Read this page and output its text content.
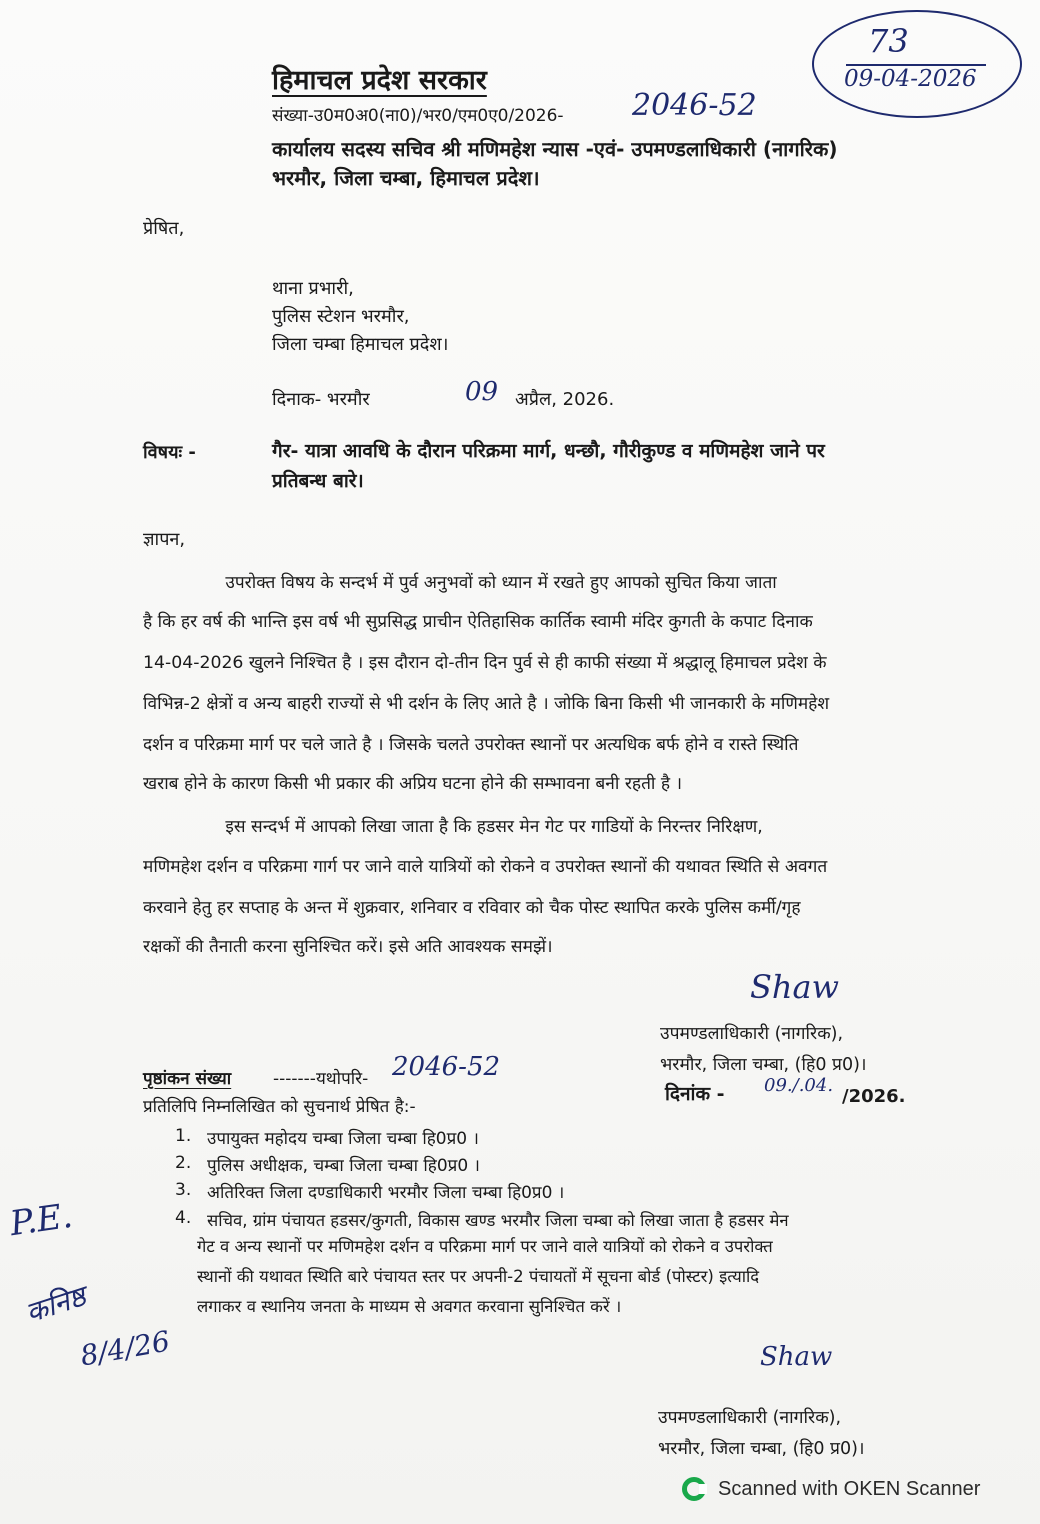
हिमाचल प्रदेश सरकार
संख्या-उ0म0अ0(ना0)/भर0/एम0ए0/2026- 2046-52
कार्यालय सदस्य सचिव श्री मणिमहेश न्यास -एवं- उपमण्डलाधिकारी (नागरिक)
भरमौर, जिला चम्बा, हिमाचल प्रदेश।
73
09-04-2026
प्रेषित,
थाना प्रभारी,
पुलिस स्टेशन भरमौर,
जिला चम्बा हिमाचल प्रदेश।
दिनाक- भरमौर	09 अप्रैल, 2026.
विषयः -	गैर- यात्रा आवधि के दौरान परिक्रमा मार्ग, धन्छौ, गौरीकुण्ड व मणिमहेश जाने पर
प्रतिबन्ध बारे।
ज्ञापन,
उपरोक्त विषय के सन्दर्भ में पुर्व अनुभवों को ध्यान में रखते हुए आपको सुचित किया जाता
है कि हर वर्ष की भान्ति इस वर्ष भी सुप्रसिद्ध प्राचीन ऐतिहासिक कार्तिक स्वामी मंदिर कुगती के कपाट दिनाक
14-04-2026 खुलने निश्चित है । इस दौरान दो-तीन दिन पुर्व से ही काफी संख्या में श्रद्धालू हिमाचल प्रदेश के
विभिन्न-2 क्षेत्रों व अन्य बाहरी राज्यों से भी दर्शन के लिए आते है । जोकि बिना किसी भी जानकारी के मणिमहेश
दर्शन व परिक्रमा मार्ग पर चले जाते है । जिसके चलते उपरोक्त स्थानों पर अत्यधिक बर्फ होने व रास्ते स्थिति
खराब होने के कारण किसी भी प्रकार की अप्रिय घटना होने की सम्भावना बनी रहती है ।
इस सन्दर्भ में आपको लिखा जाता है कि हडसर मेन गेट पर गाडियों के निरन्तर निरिक्षण,
मणिमहेश दर्शन व परिक्रमा गार्ग पर जाने वाले यात्रियों को रोकने व उपरोक्त स्थानों की यथावत स्थिति से अवगत
करवाने हेतु हर सप्ताह के अन्त में शुक्रवार, शनिवार व रविवार को चैक पोस्ट स्थापित करके पुलिस कर्मी/गृह
रक्षकों की तैनाती करना सुनिश्चित करें। इसे अति आवश्यक समझें।
Shaw
उपमण्डलाधिकारी (नागरिक),
भरमौर, जिला चम्बा, (हि0 प्र0)।
दिनांक - 09./.04.
/2026.
पृष्ठांकन संख्या -------यथोपरि- 2046-52
प्रतिलिपि निम्नलिखित को सुचनार्थ प्रेषित है:-
1. उपायुक्त महोदय चम्बा जिला चम्बा हि0प्र0 ।
2. पुलिस अधीक्षक, चम्बा जिला चम्बा हि0प्र0 ।
3. अतिरिक्त जिला दण्डाधिकारी भरमौर जिला चम्बा हि0प्र0 ।
4. सचिव, ग्रांम पंचायत हडसर/कुगती, विकास खण्ड भरमौर जिला चम्बा को लिखा जाता है हडसर मेन
गेट व अन्य स्थानों पर मणिमहेश दर्शन व परिक्रमा मार्ग पर जाने वाले यात्रियों को रोकने व उपरोक्त
स्थानों की यथावत स्थिति बारे पंचायत स्तर पर अपनी-2 पंचायतों में सूचना बोर्ड (पोस्टर) इत्यादि
लगाकर व स्थानिय जनता के माध्यम से अवगत करवाना सुनिश्चित करें ।
Shaw
उपमण्डलाधिकारी (नागरिक),
भरमौर, जिला चम्बा, (हि0 प्र0)।
P.E.
कनिष्ठ
8/4/26
Scanned with OKEN Scanner
